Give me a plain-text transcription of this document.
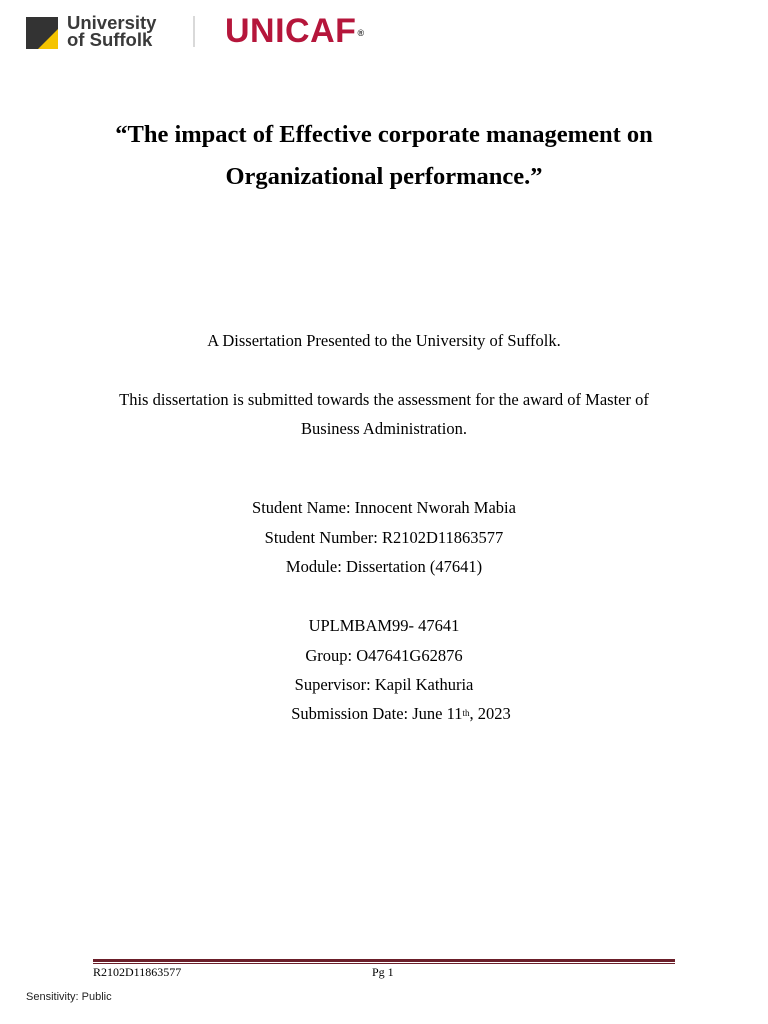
University
of Suffolk UNICAF®
“The impact of Effective corporate management on Organizational performance.”
A Dissertation Presented to the University of Suffolk.
This dissertation is submitted towards the assessment for the award of Master of Business Administration.
Student Name: Innocent Nworah Mabia
Student Number: R2102D11863577
Module: Dissertation (47641)
UPLMBAM99- 47641
Group: O47641G62876
Supervisor: Kapil Kathuria
Submission Date: June 11th, 2023
R2102D11863577	Pg 1
Sensitivity: Public
